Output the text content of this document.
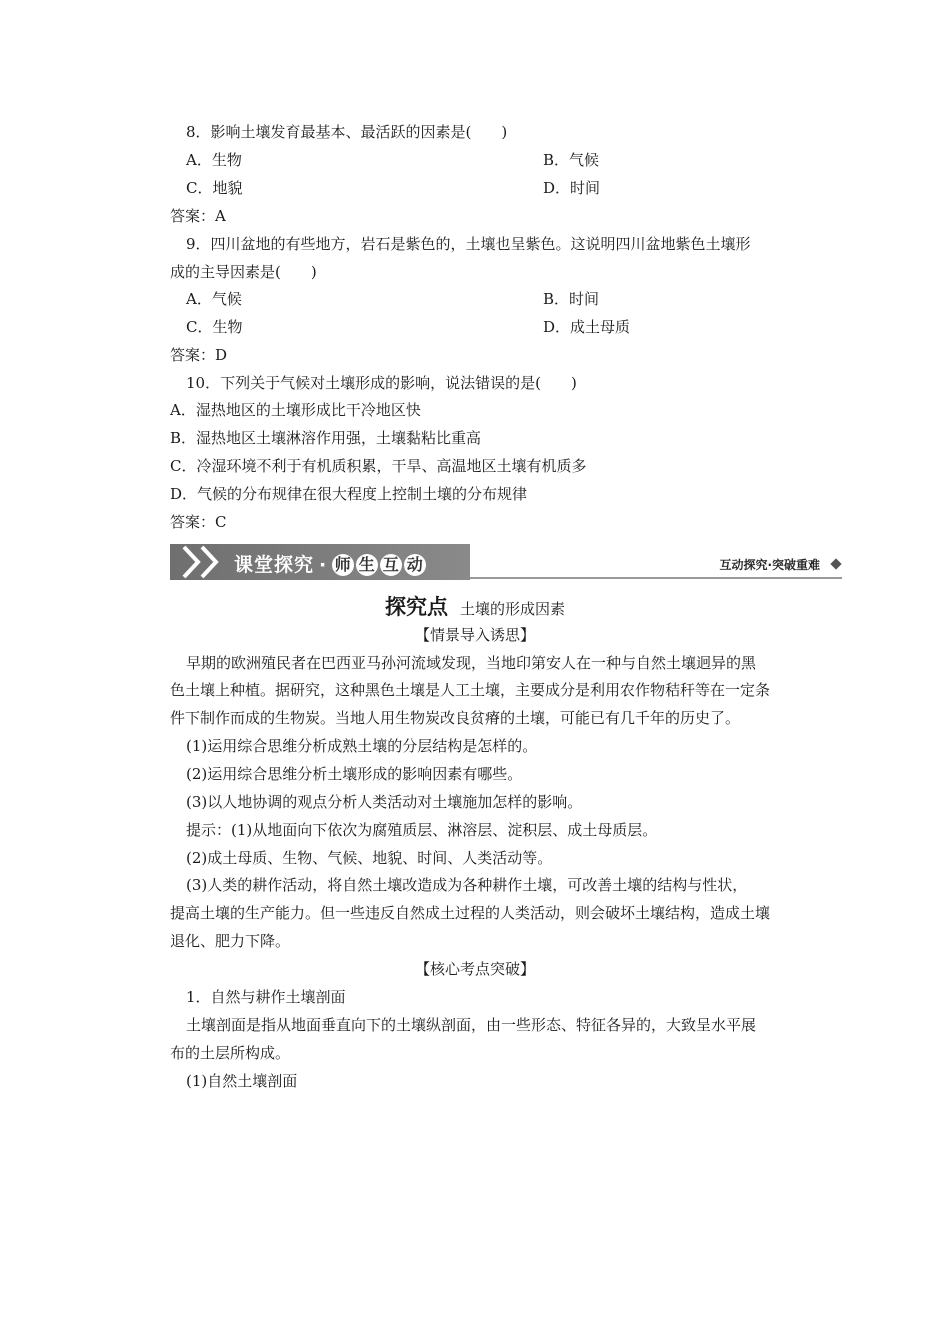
8．影响土壤发育最基本、最活跃的因素是(　　)
A．生物	B．气候
C．地貌	D．时间
答案：A
9．四川盆地的有些地方，岩石是紫色的，土壤也呈紫色。这说明四川盆地紫色土壤形
成的主导因素是(　　)
A．气候	B．时间
C．生物	D．成土母质
答案：D
10．下列关于气候对土壤形成的影响，说法错误的是(　　)
A．湿热地区的土壤形成比干冷地区快
B．湿热地区土壤淋溶作用强，土壤黏粘比重高
C．冷湿环境不利于有机质积累，干旱、高温地区土壤有机质多
D．气候的分布规律在很大程度上控制土壤的分布规律
答案：C
课堂探究 · 师 生 互 动	互动探究·突破重难
探究点 土壤的形成因素
【情景导入诱思】
早期的欧洲殖民者在巴西亚马孙河流域发现，当地印第安人在一种与自然土壤迥异的黑
色土壤上种植。据研究，这种黑色土壤是人工土壤，主要成分是利用农作物秸秆等在一定条
件下制作而成的生物炭。当地人用生物炭改良贫瘠的土壤，可能已有几千年的历史了。
(1)运用综合思维分析成熟土壤的分层结构是怎样的。
(2)运用综合思维分析土壤形成的影响因素有哪些。
(3)以人地协调的观点分析人类活动对土壤施加怎样的影响。
提示：(1)从地面向下依次为腐殖质层、淋溶层、淀积层、成土母质层。
(2)成土母质、生物、气候、地貌、时间、人类活动等。
(3)人类的耕作活动，将自然土壤改造成为各种耕作土壤，可改善土壤的结构与性状，
提高土壤的生产能力。但一些违反自然成土过程的人类活动，则会破坏土壤结构，造成土壤
退化、肥力下降。
【核心考点突破】
1．自然与耕作土壤剖面
土壤剖面是指从地面垂直向下的土壤纵剖面，由一些形态、特征各异的，大致呈水平展
布的土层所构成。
(1)自然土壤剖面
